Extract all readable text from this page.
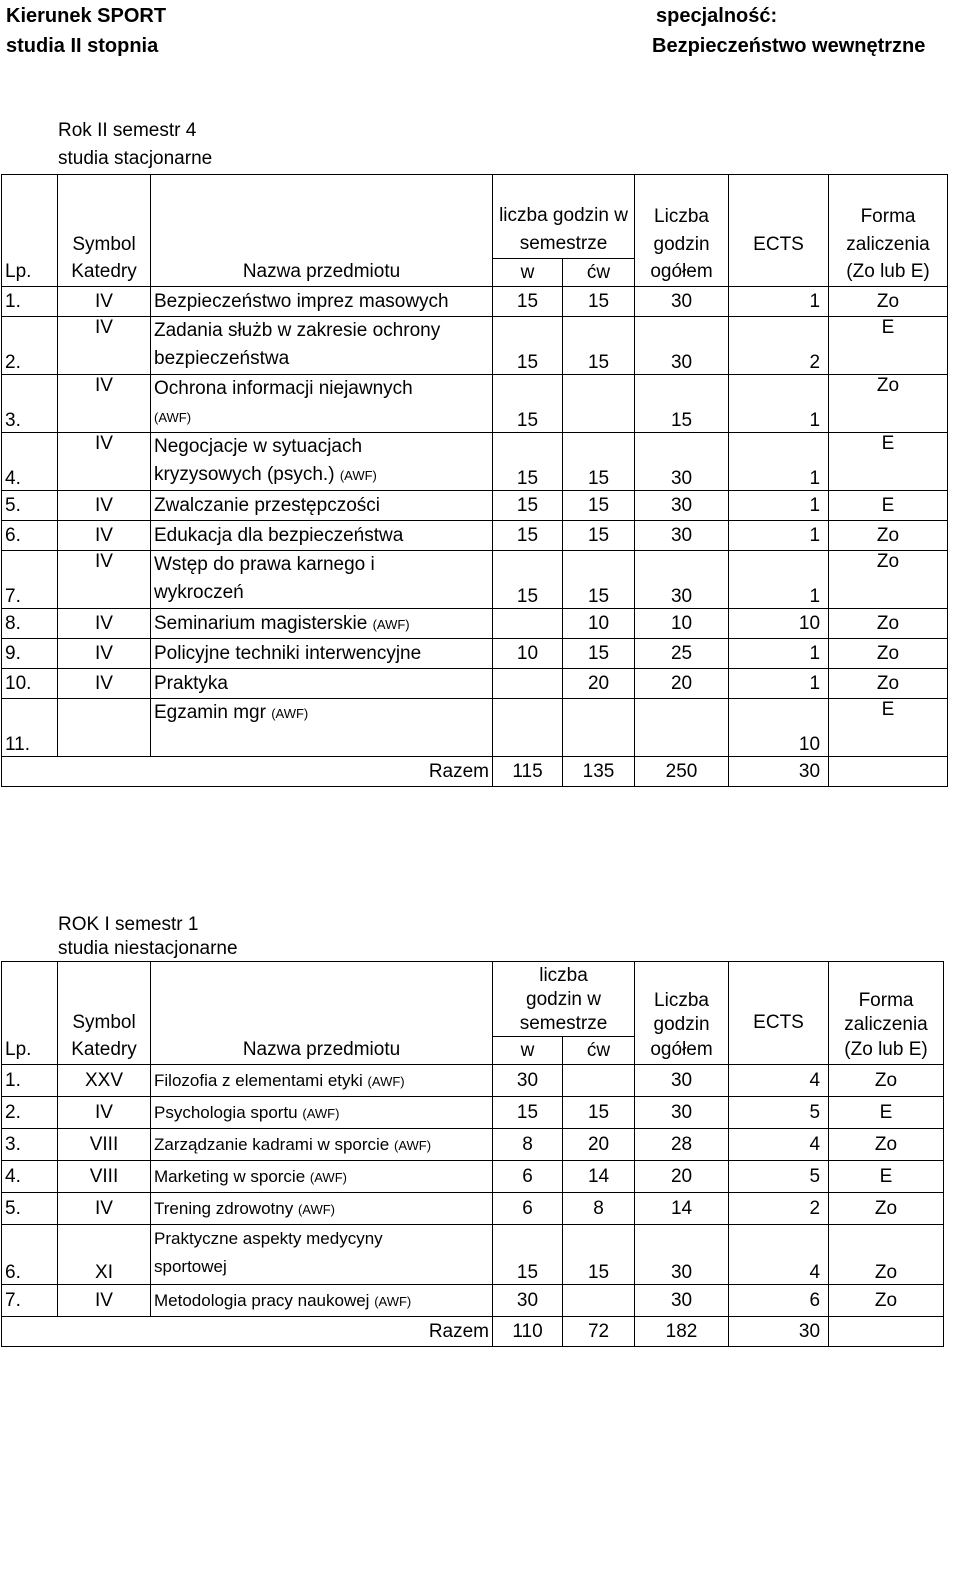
Kierunek SPORT
studia II stopnia
specjalność:
Bezpieczeństwo wewnętrzne
Rok II semestr 4
studia stacjonarne
	Symbol		liczba godzin w semestrze		Liczba
godzin	ECTS	Forma
zaliczenia
Lp.	Katedry	Nazwa przedmiotu	w	ćw	ogółem		(Zo lub E)
1.	IV	Bezpieczeństwo imprez masowych	15	15	30	1	Zo
2.	IV	Zadania służb w zakresie ochrony
bezpieczeństwa	15	15	30	2	E
3.	IV	Ochrona informacji niejawnych
(AWF)	15		15	1	Zo
4.	IV	Negocjacje w sytuacjach
kryzysowych (psych.) (AWF)	15	15	30	1	E
5.	IV	Zwalczanie przestępczości	15	15	30	1	E
6.	IV	Edukacja dla bezpieczeństwa	15	15	30	1	Zo
7.	IV	Wstęp do prawa karnego i
wykroczeń	15	15	30	1	Zo
8.	IV	Seminarium magisterskie (AWF)		10	10	10	Zo
9.	IV	Policyjne techniki interwencyjne	10	15	25	1	Zo
10.	IV	Praktyka		20	20	1	Zo
11.		Egzamin mgr (AWF)				10	E
Razem			115	135	250	30	
ROK I semestr 1
studia niestacjonarne
	Symbol		liczba
godzin w
semestrze		Liczba
godzin	ECTS	Forma
zaliczenia
Lp.	Katedry	Nazwa przedmiotu	w	ćw	ogółem		(Zo lub E)
1.	XXV	Filozofia z elementami etyki (AWF)	30		30	4	Zo
2.	IV	Psychologia sportu (AWF)	15	15	30	5	E
3.	VIII	Zarządzanie kadrami w sporcie (AWF)	8	20	28	4	Zo
4.	VIII	Marketing w sporcie (AWF)	6	14	20	5	E
5.	IV	Trening zdrowotny (AWF)	6	8	14	2	Zo
6.	XI	Praktyczne aspekty medycyny
sportowej	15	15	30	4	Zo
7.	IV	Metodologia pracy naukowej (AWF)	30		30	6	Zo
Razem			110	72	182	30	
